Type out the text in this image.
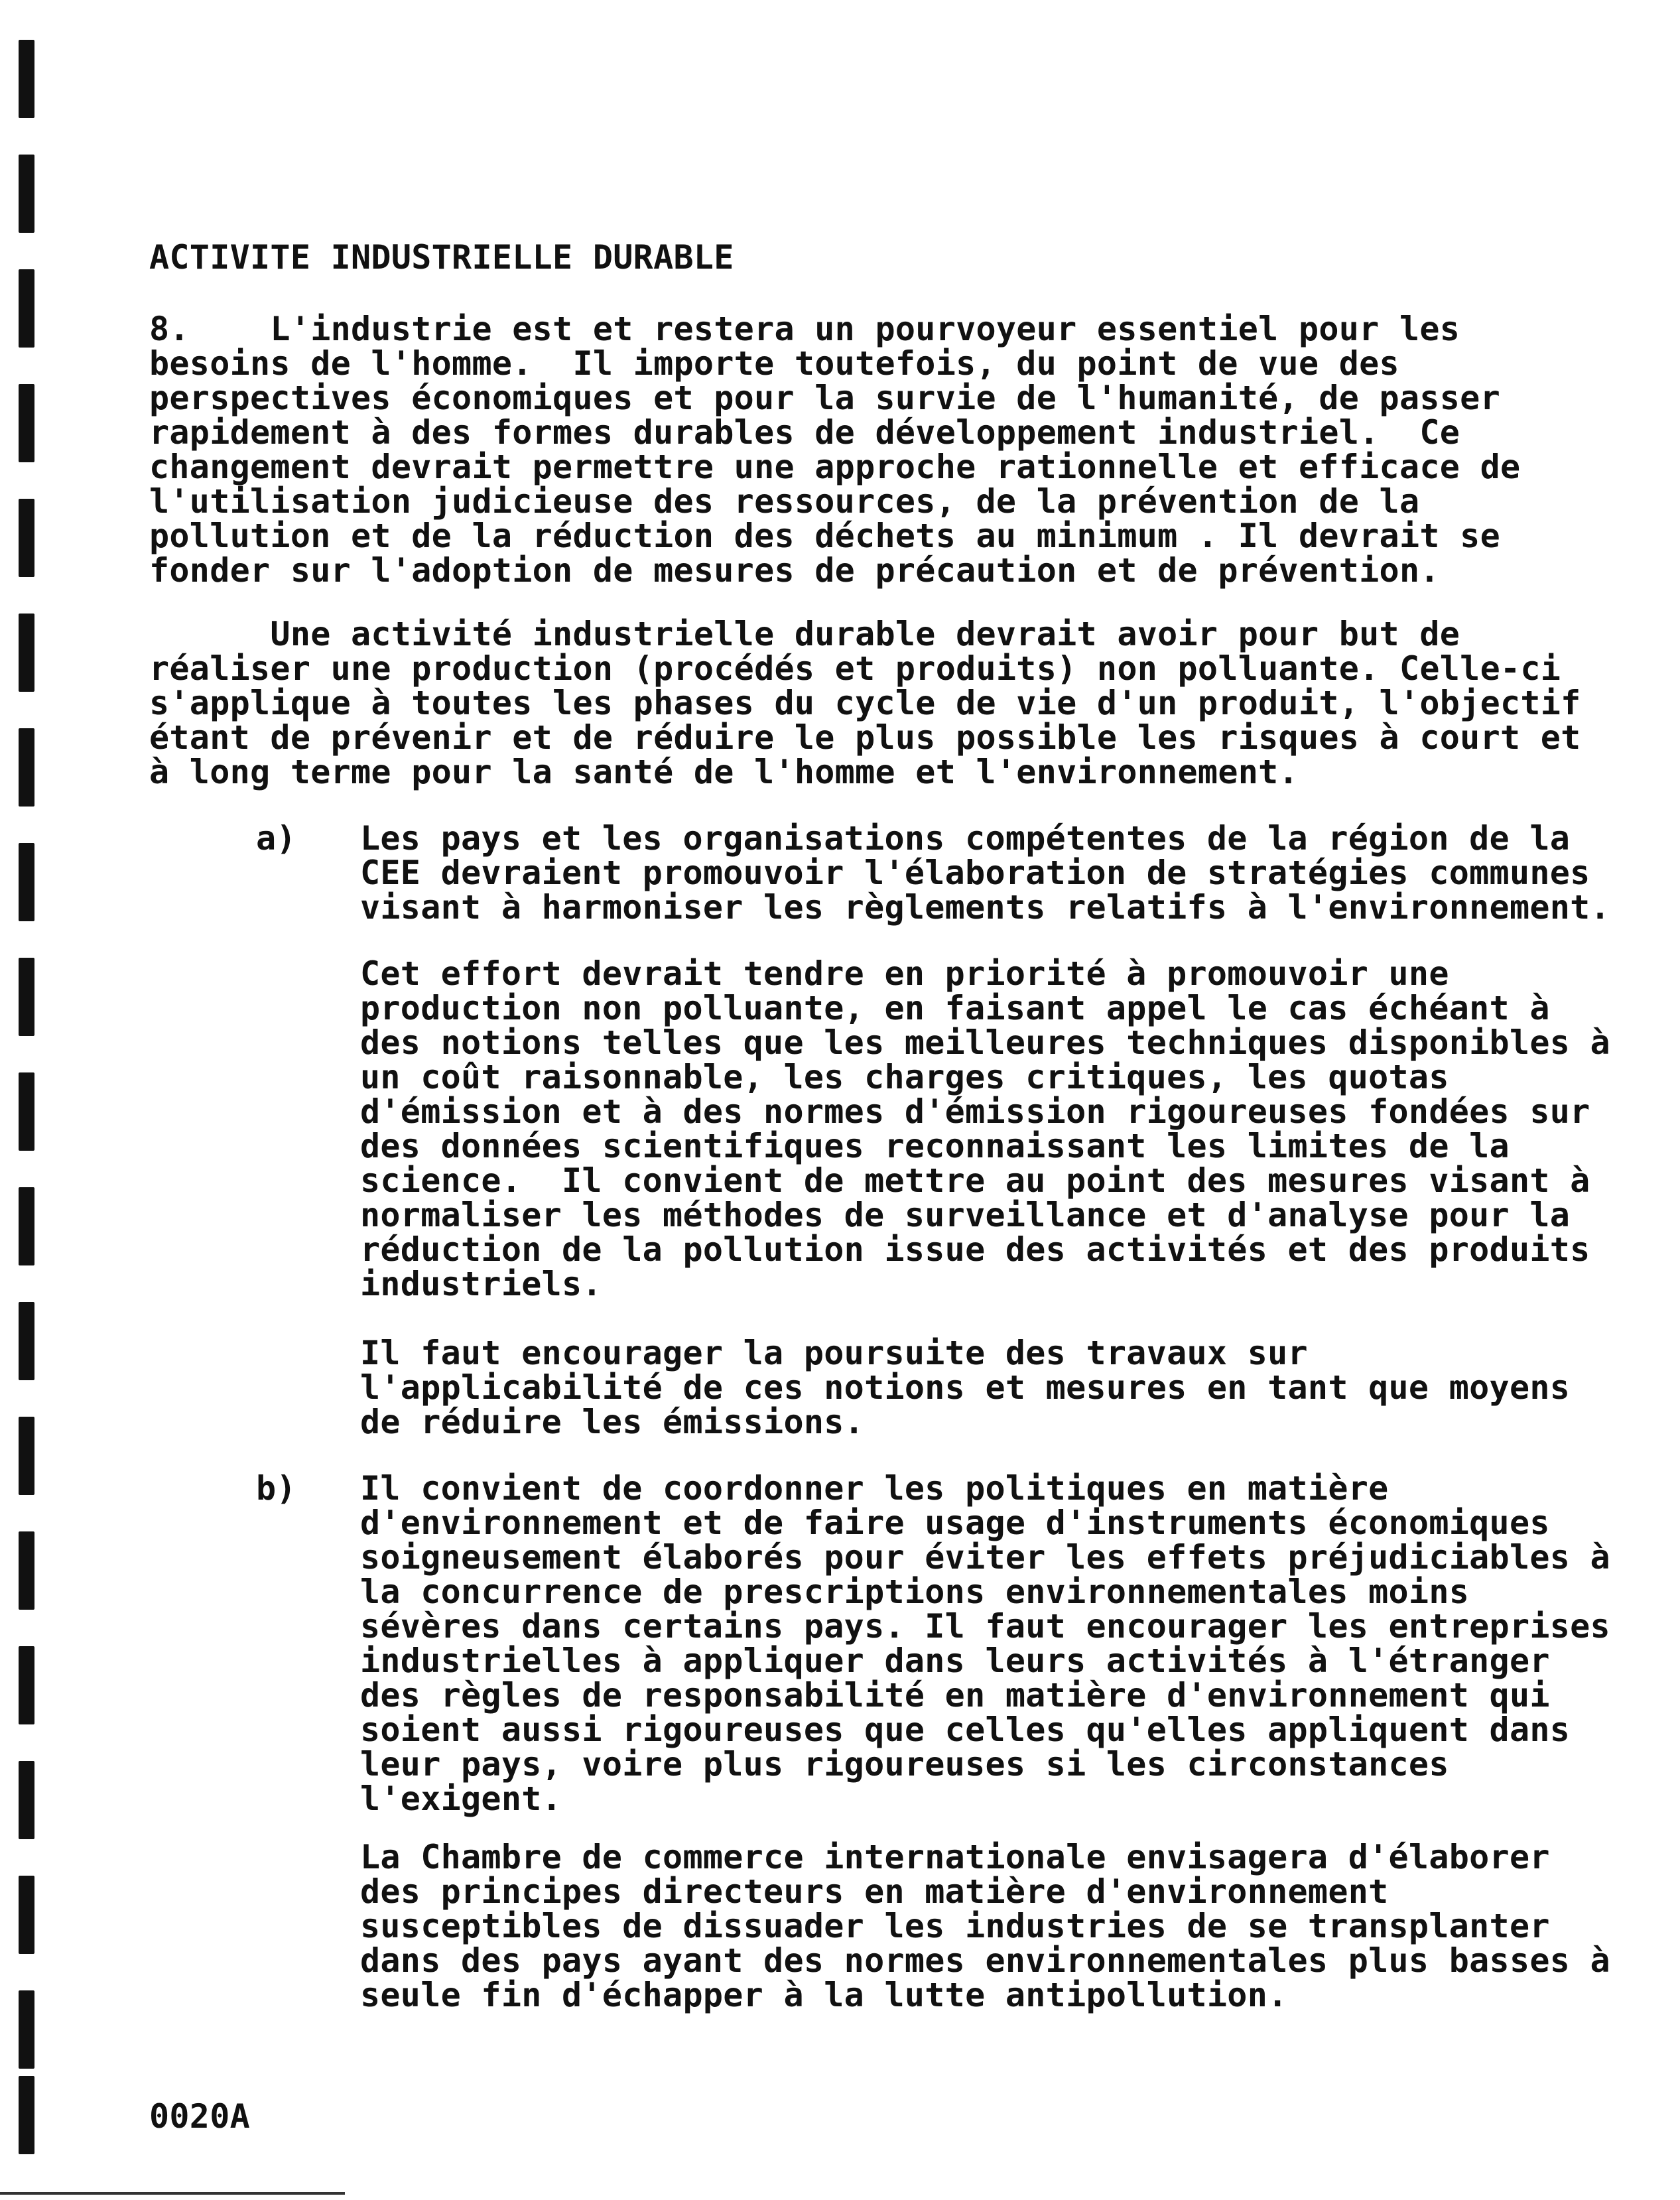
ACTIVITE INDUSTRIELLE DURABLE
8.    L'industrie est et restera un pourvoyeur essentiel pour les
besoins de l'homme.  Il importe toutefois, du point de vue des
perspectives économiques et pour la survie de l'humanité, de passer
rapidement à des formes durables de développement industriel.  Ce
changement devrait permettre une approche rationnelle et efficace de
l'utilisation judicieuse des ressources, de la prévention de la
pollution et de la réduction des déchets au minimum . Il devrait se
fonder sur l'adoption de mesures de précaution et de prévention.
Une activité industrielle durable devrait avoir pour but de
réaliser une production (procédés et produits) non polluante. Celle-ci
s'applique à toutes les phases du cycle de vie d'un produit, l'objectif
étant de prévenir et de réduire le plus possible les risques à court et
à long terme pour la santé de l'homme et l'environnement.
a) Les pays et les organisations compétentes de la région de la
CEE devraient promouvoir l'élaboration de stratégies communes
visant à harmoniser les règlements relatifs à l'environnement.
Cet effort devrait tendre en priorité à promouvoir une
production non polluante, en faisant appel le cas échéant à
des notions telles que les meilleures techniques disponibles à
un coût raisonnable, les charges critiques, les quotas
d'émission et à des normes d'émission rigoureuses fondées sur
des données scientifiques reconnaissant les limites de la
science.  Il convient de mettre au point des mesures visant à
normaliser les méthodes de surveillance et d'analyse pour la
réduction de la pollution issue des activités et des produits
industriels.
Il faut encourager la poursuite des travaux sur
l'applicabilité de ces notions et mesures en tant que moyens
de réduire les émissions.
b) Il convient de coordonner les politiques en matière
d'environnement et de faire usage d'instruments économiques
soigneusement élaborés pour éviter les effets préjudiciables à
la concurrence de prescriptions environnementales moins
sévères dans certains pays. Il faut encourager les entreprises
industrielles à appliquer dans leurs activités à l'étranger
des règles de responsabilité en matière d'environnement qui
soient aussi rigoureuses que celles qu'elles appliquent dans
leur pays, voire plus rigoureuses si les circonstances
l'exigent.
La Chambre de commerce internationale envisagera d'élaborer
des principes directeurs en matière d'environnement
susceptibles de dissuader les industries de se transplanter
dans des pays ayant des normes environnementales plus basses à
seule fin d'échapper à la lutte antipollution.
0020A
